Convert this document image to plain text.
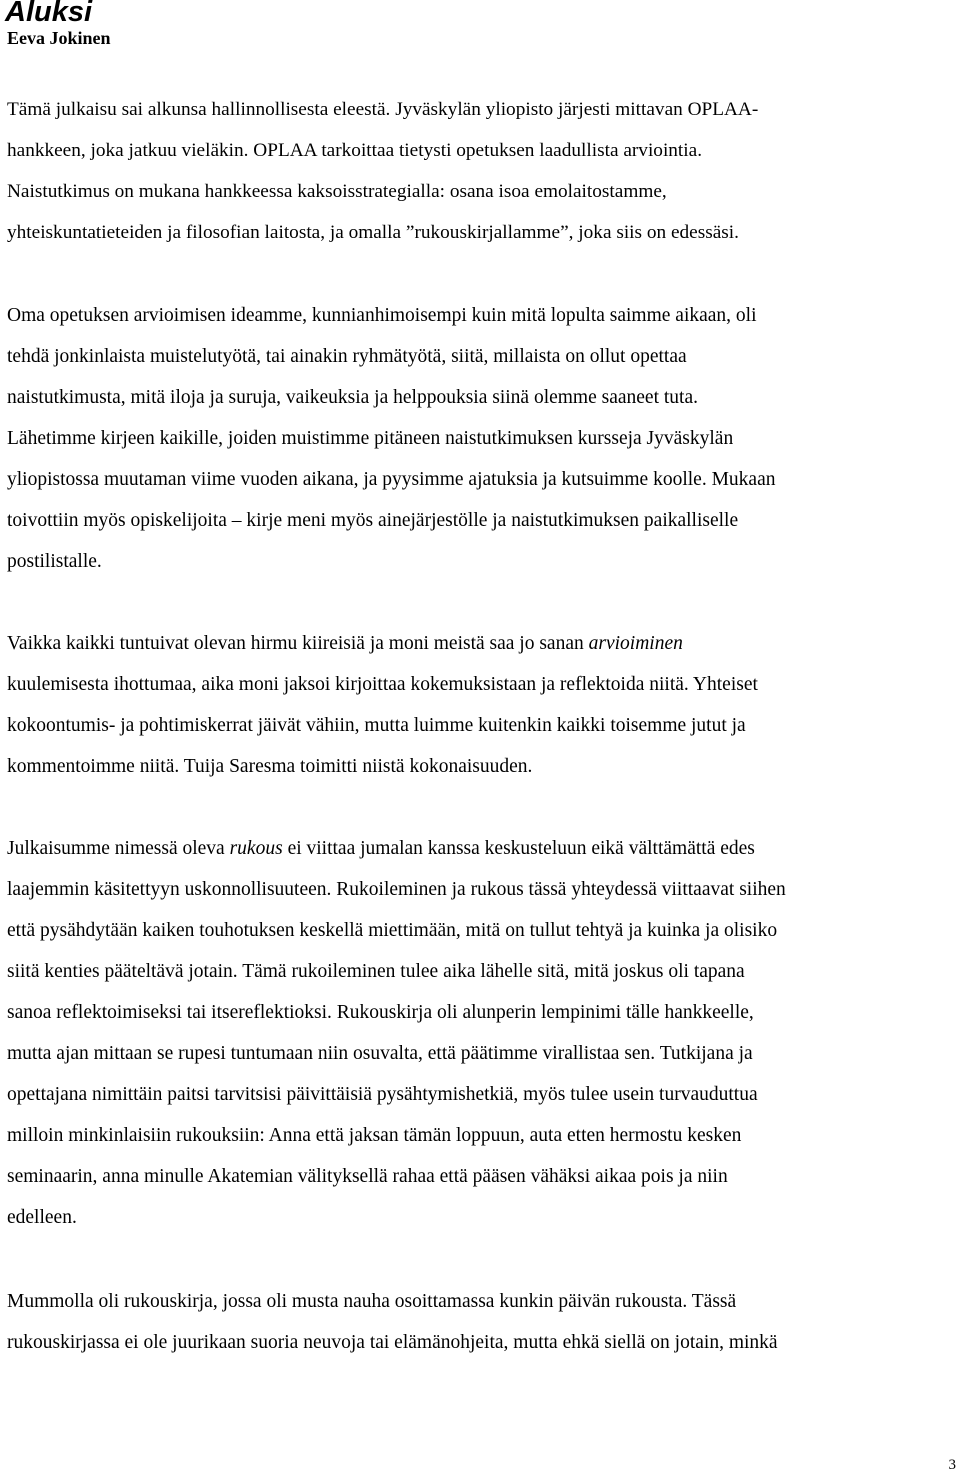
Aluksi
Eeva Jokinen

Tämä julkaisu sai alkunsa hallinnollisesta eleestä. Jyväskylän yliopisto järjesti mittavan OPLAA-
hankkeen, joka jatkuu vieläkin. OPLAA tarkoittaa tietysti opetuksen laadullista arviointia.
Naistutkimus on mukana hankkeessa kaksoisstrategialla: osana isoa emolaitostamme,
yhteiskuntatieteiden ja filosofian laitosta, ja omalla ”rukouskirjallamme”, joka siis on edessäsi.

Oma opetuksen arvioimisen ideamme, kunnianhimoisempi kuin mitä lopulta saimme aikaan, oli
tehdä jonkinlaista muistelutyötä, tai ainakin ryhmätyötä, siitä, millaista on ollut opettaa
naistutkimusta, mitä iloja ja suruja, vaikeuksia ja helppouksia siinä olemme saaneet tuta.
Lähetimme kirjeen kaikille, joiden muistimme pitäneen naistutkimuksen kursseja Jyväskylän
yliopistossa muutaman viime vuoden aikana, ja pyysimme ajatuksia ja kutsuimme koolle. Mukaan
toivottiin myös opiskelijoita – kirje meni myös ainejärjestölle ja naistutkimuksen paikalliselle
postilistalle.

Vaikka kaikki tuntuivat olevan hirmu kiireisiä ja moni meistä saa jo sanan arvioiminen
kuulemisesta ihottumaa, aika moni jaksoi kirjoittaa kokemuksistaan ja reflektoida niitä. Yhteiset
kokoontumis- ja pohtimiskerrat jäivät vähiin, mutta luimme kuitenkin kaikki toisemme jutut ja
kommentoimme niitä. Tuija Saresma toimitti niistä kokonaisuuden.

Julkaisumme nimessä oleva rukous ei viittaa jumalan kanssa keskusteluun eikä välttämättä edes
laajemmin käsitettyyn uskonnollisuuteen. Rukoileminen ja rukous tässä yhteydessä viittaavat siihen
että pysähdytään kaiken touhotuksen keskellä miettimään, mitä on tullut tehtyä ja kuinka ja olisiko
siitä kenties pääteltävä jotain. Tämä rukoileminen tulee aika lähelle sitä, mitä joskus oli tapana
sanoa reflektoimiseksi tai itsereflektioksi. Rukouskirja oli alunperin lempinimi tälle hankkeelle,
mutta ajan mittaan se rupesi tuntumaan niin osuvalta, että päätimme virallistaa sen. Tutkijana ja
opettajana nimittäin paitsi tarvitsisi päivittäisiä pysähtymishetkiä, myös tulee usein turvauduttua
milloin minkinlaisiin rukouksiin: Anna että jaksan tämän loppuun, auta etten hermostu kesken
seminaarin, anna minulle Akatemian välityksellä rahaa että pääsen vähäksi aikaa pois ja niin
edelleen.

Mummolla oli rukouskirja, jossa oli musta nauha osoittamassa kunkin päivän rukousta. Tässä
rukouskirjassa ei ole juurikaan suoria neuvoja tai elämänohjeita, mutta ehkä siellä on jotain, minkä

3
